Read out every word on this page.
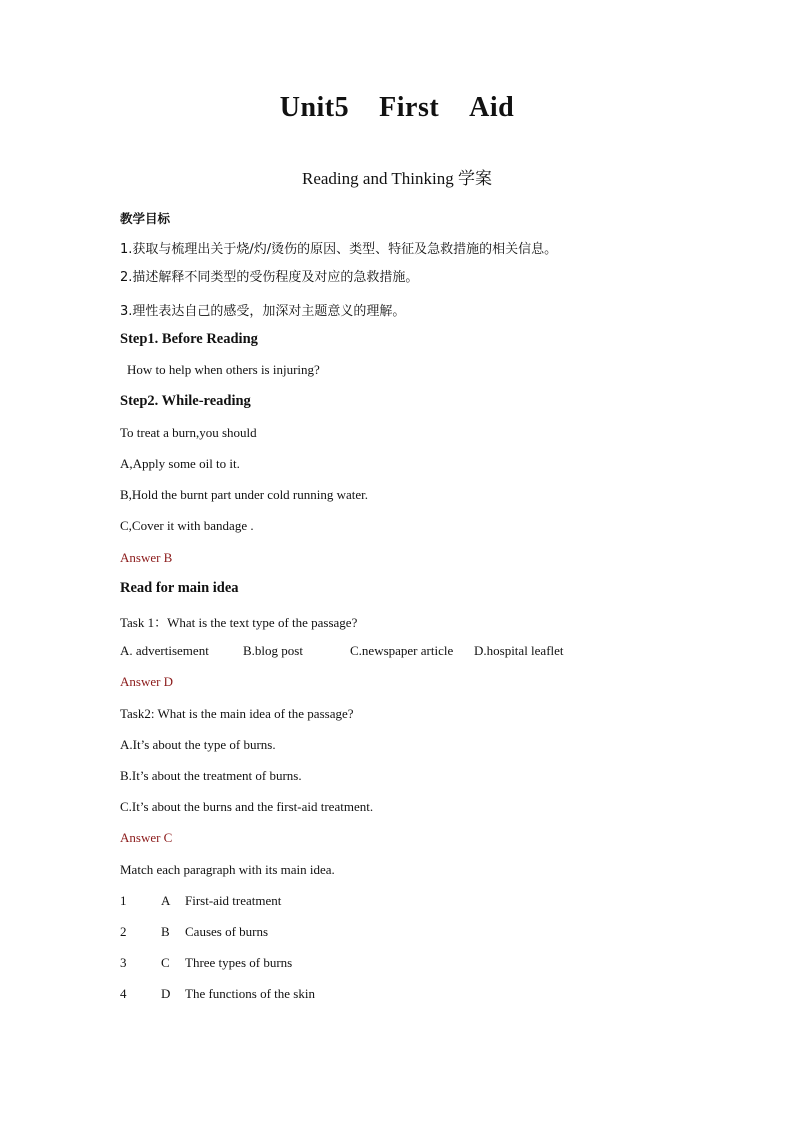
Unit5 First Aid
Reading and Thinking 学案
教学目标
1.获取与梳理出关于烧/灼/烫伤的原因、类型、特征及急救措施的相关信息。
2.描述解释不同类型的受伤程度及对应的急救措施。
3.理性表达自己的感受，加深对主题意义的理解。
Step1. Before Reading
How to help when others is injuring?
Step2. While-reading
To treat a burn,you should
A,Apply some oil to it.
B,Hold the burnt part under cold running water.
C,Cover it with bandage .
Answer B
Read for main idea
Task 1：What is the text type of the passage?
A. advertisement	B.blog post	C.newspaper article D.hospital leaflet
Answer D
Task2: What is the main idea of the passage?
A.It’s about the type of burns.
B.It’s about the treatment of burns.
C.It’s about the burns and the first-aid treatment.
Answer C
Match each paragraph with its main idea.
1	A First-aid treatment
2	B Causes of burns
3	C Three types of burns
4	D The functions of the skin
